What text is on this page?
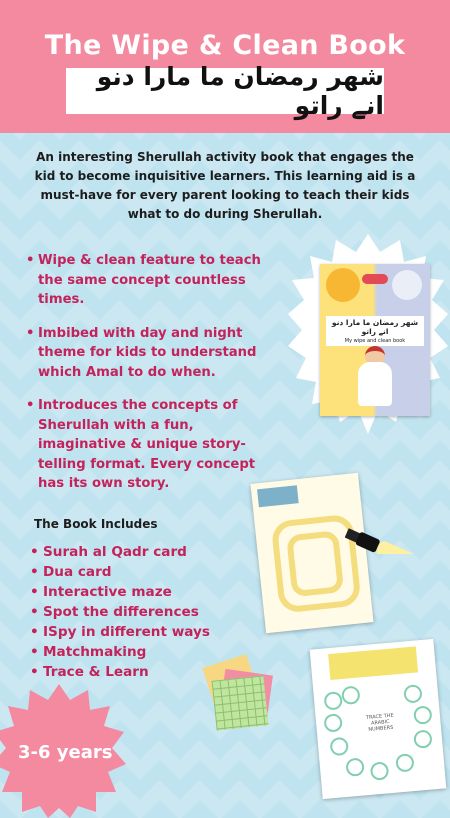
The Wipe & Clean Book
شهر رمضان ما مارا دنو انے راتو
An interesting Sherullah activity book that engages the kid to become inquisitive learners. This learning aid is a must-have for every parent looking to teach their kids what to do during Sherullah.
• Wipe & clean feature to teach the same concept countless times.
• Imbibed with day and night theme for kids to understand which Amal to do when.
• Introduces the concepts of Sherullah with a fun, imaginative & unique story-telling format. Every concept has its own story.
The Book Includes
• Surah al Qadr card
• Dua card
• Interactive maze
• Spot the differences
• ISpy in different ways
• Matchmaking
• Trace & Learn
شهر رمضان ما مارا دنو انے راتو
My wipe and clean book
TRACE THE ARABIC NUMBERS
3-6 years
